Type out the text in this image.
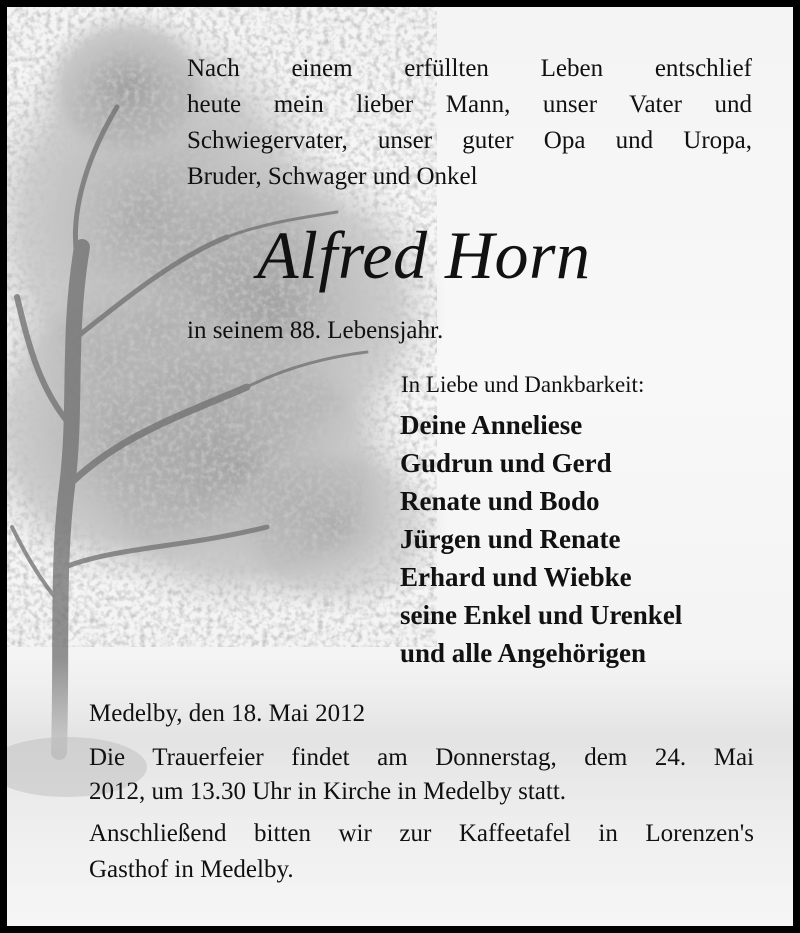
Nach einem erfüllten Leben entschlief
heute mein lieber Mann, unser Vater und
Schwiegervater, unser guter Opa und Uropa,
Bruder, Schwager und Onkel
Alfred Horn
in seinem 88. Lebensjahr.
In Liebe und Dankbarkeit:
Deine Anneliese
Gudrun und Gerd
Renate und Bodo
Jürgen und Renate
Erhard und Wiebke
seine Enkel und Urenkel
und alle Angehörigen
Medelby, den 18. Mai 2012
Die Trauerfeier findet am Donnerstag, dem 24. Mai
2012, um 13.30 Uhr in Kirche in Medelby statt.
Anschließend bitten wir zur Kaffeetafel in Lorenzen's
Gasthof in Medelby.
